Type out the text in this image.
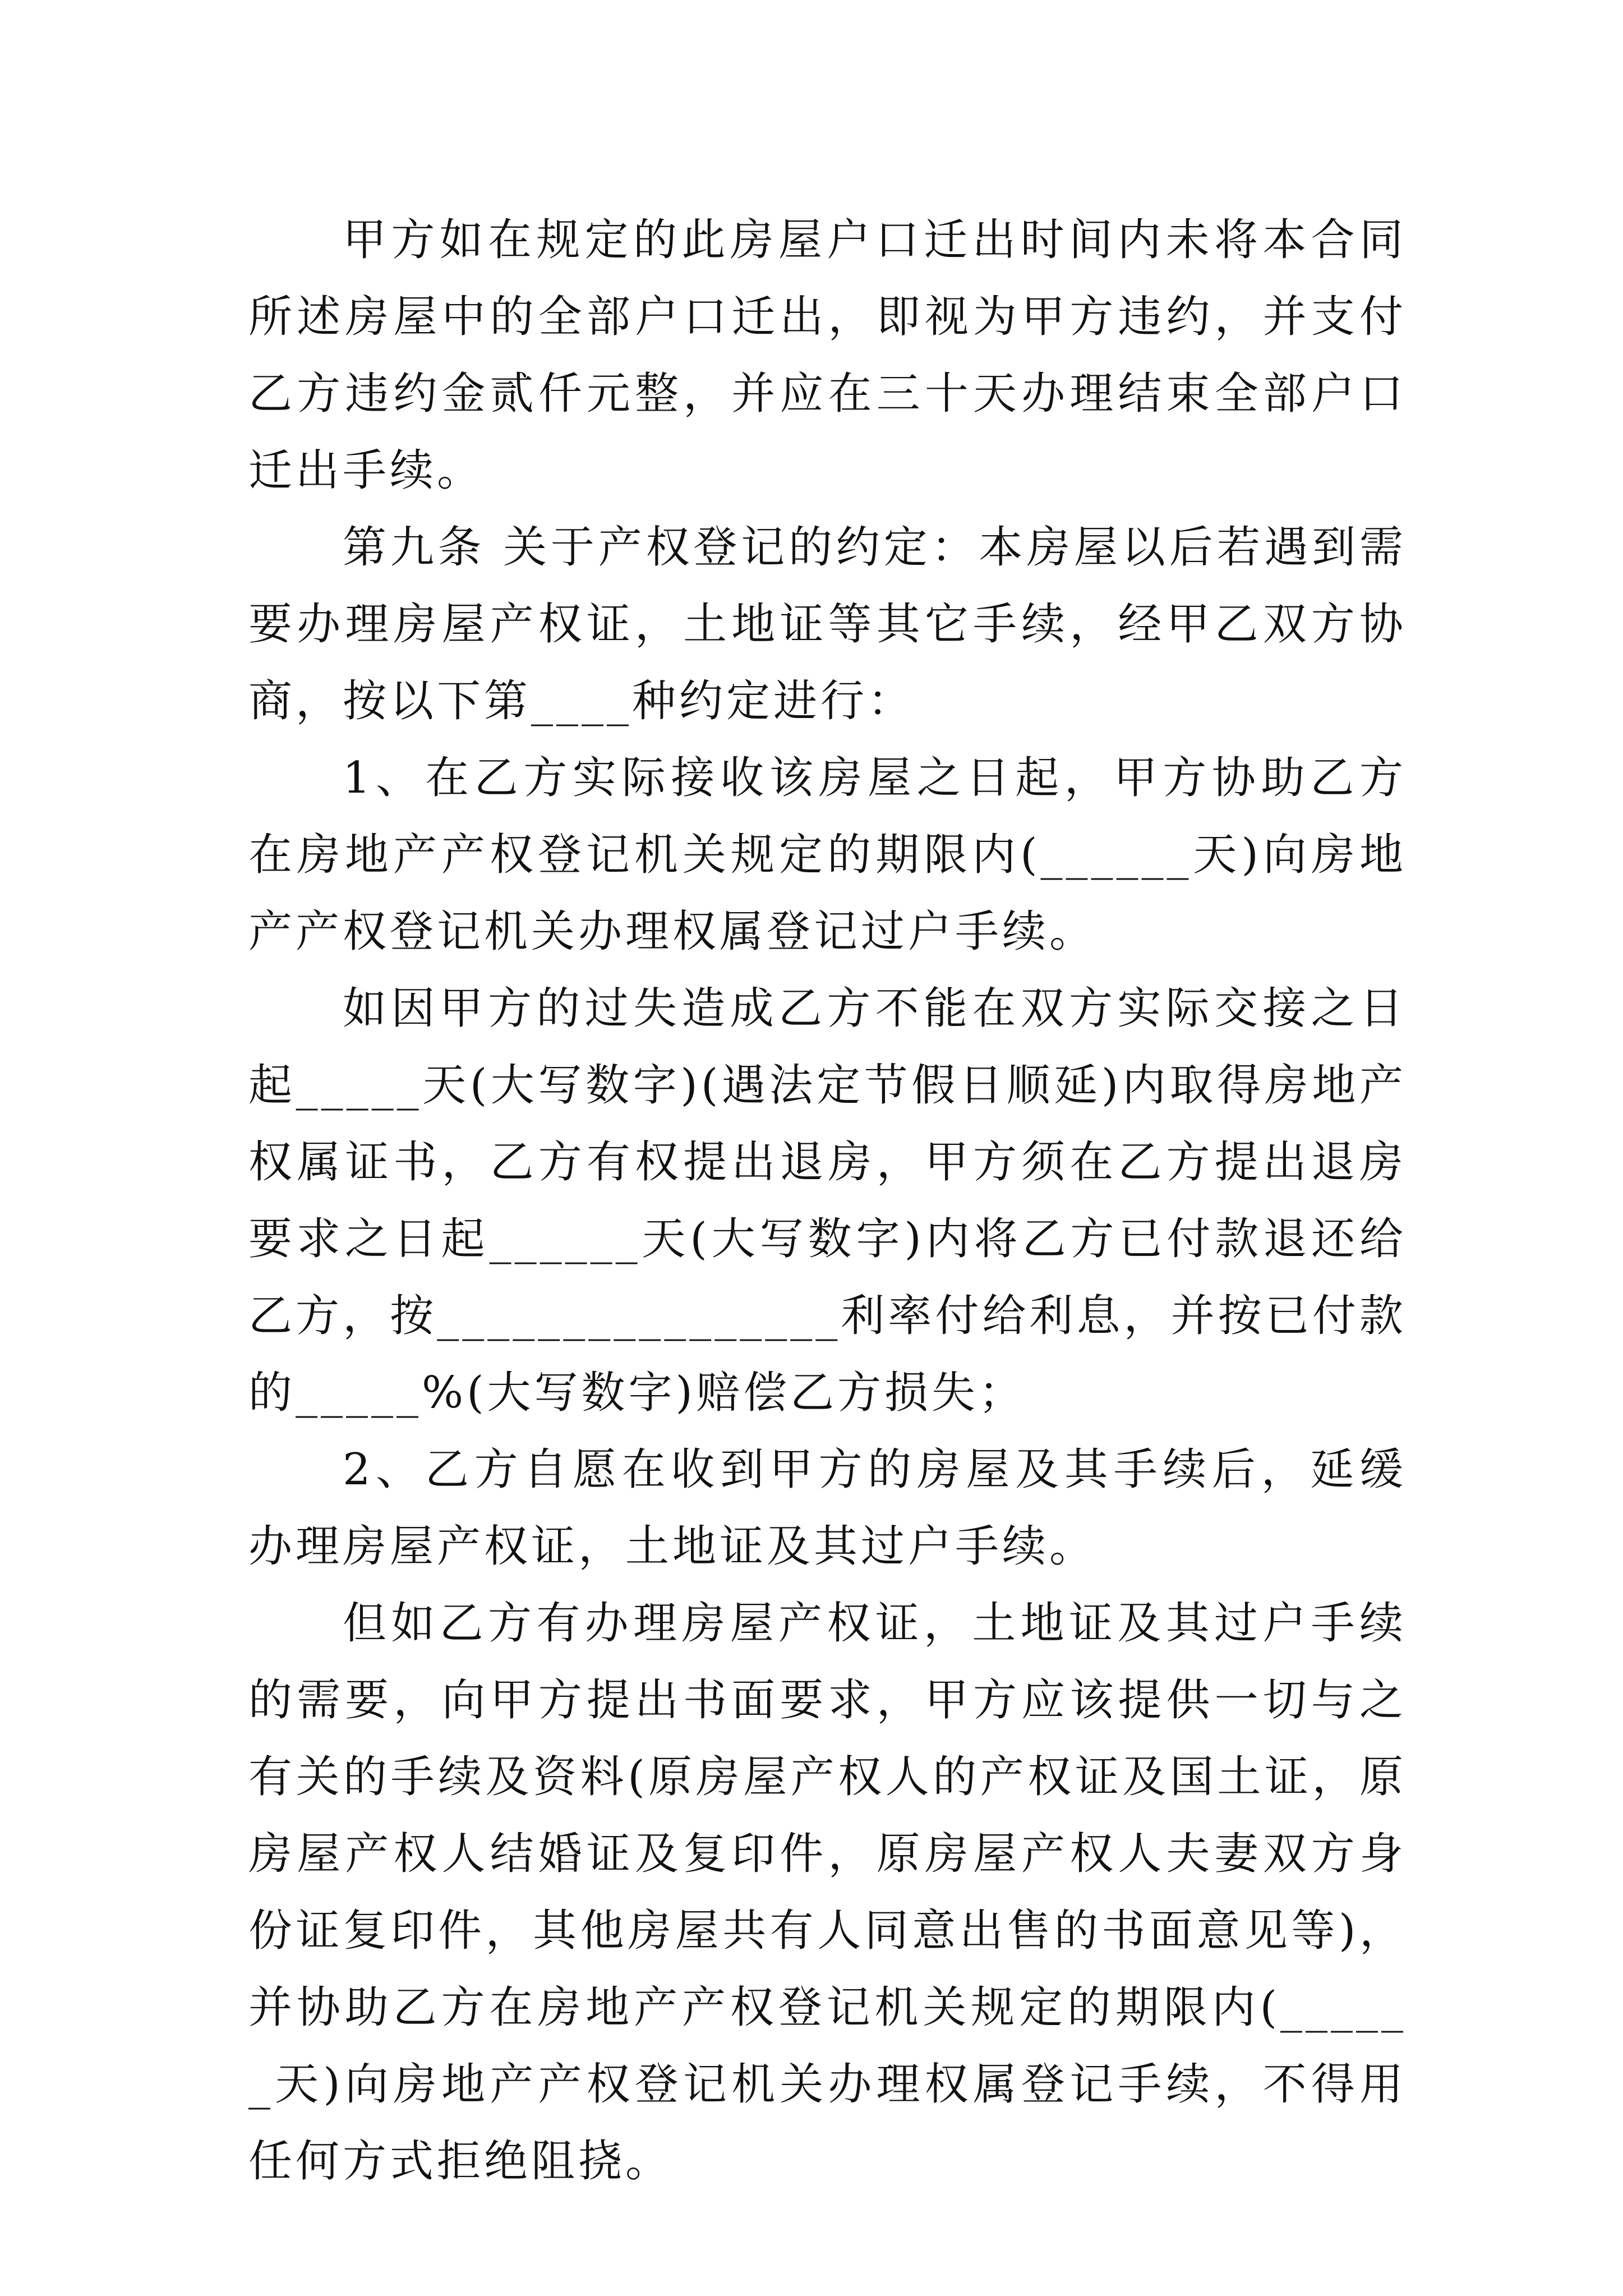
甲方如在规定的此房屋户口迁出时间内未将本合同所述房屋中的全部户口迁出，即视为甲方违约，并支付乙方违约金贰仟元整，并应在三十天办理结束全部户口迁出手续。

第九条 关于产权登记的约定：本房屋以后若遇到需要办理房屋产权证，土地证等其它手续，经甲乙双方协商，按以下第____种约定进行：

1、在乙方实际接收该房屋之日起，甲方协助乙方在房地产产权登记机关规定的期限内(______天)向房地产产权登记机关办理权属登记过户手续。

如因甲方的过失造成乙方不能在双方实际交接之日起_____天(大写数字)(遇法定节假日顺延)内取得房地产权属证书，乙方有权提出退房，甲方须在乙方提出退房要求之日起______天(大写数字)内将乙方已付款退还给乙方，按________________利率付给利息，并按已付款的_____%(大写数字)赔偿乙方损失；

2、乙方自愿在收到甲方的房屋及其手续后，延缓办理房屋产权证，土地证及其过户手续。

但如乙方有办理房屋产权证，土地证及其过户手续的需要，向甲方提出书面要求，甲方应该提供一切与之有关的手续及资料(原房屋产权人的产权证及国土证，原房屋产权人结婚证及复印件，原房屋产权人夫妻双方身份证复印件，其他房屋共有人同意出售的书面意见等)，并协助乙方在房地产产权登记机关规定的期限内(______天)向房地产产权登记机关办理权属登记手续，不得用任何方式拒绝阻挠。
